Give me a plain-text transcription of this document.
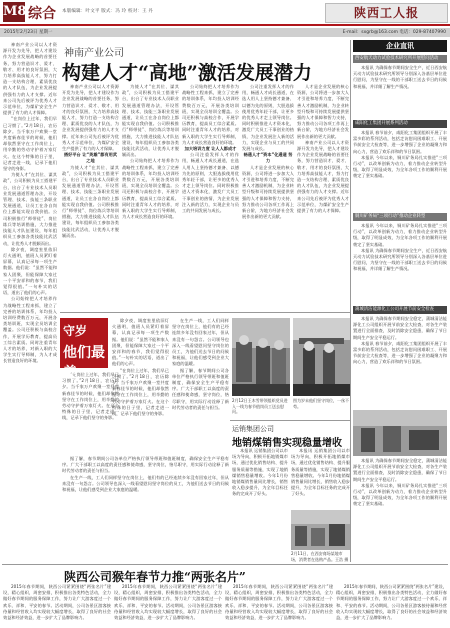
M8 综合 本版编辑：叶文平 版式：冯 玲 校对：王 丹	陕西工人报
2015年2月23日 星期一	E-mail：sxgrb@163.com 电话：029-87407990
神南产业公司
构建人才“高地”激活发展潜力

神南产业公司以人才资源开发为先导，把人才建设作为企业发展战略的首要任务，努力营造识才、爱才、敬才、用才的良好氛围，大力培养高技能人才，努力打造一支结构合理、素质优良的人才队伍，为企业发展提供强有力的人才支撑。近年来公司先后被评为优秀人才示范单位，为煤矿安全生产提供了有力的人才保障。

搭好平台 让“英雄”都有用武之地

为使人才“在其位、谋其政”，公司积极为员工搭建平台，出台了专业技术人员职业发展通道管理办法，开设管理、技术、技能三条职业发展通道，让员工在各自岗位上都能实现自我价值。公司积极推行“师带徒”、岗位练兵等培训措施，大力推进技能人才队伍建设，每年组织员工参加各类技能比武活动，让优秀人才脱颖而出。

为使人才“在其位、谋其政”，公司积极为员工搭建平台，出台了专业技术人员职业发展通道管理办法，开设管理、技术、技能三条职业发展通道，让员工在各自岗位上都能实现自我价值。公司积极推行“师带徒”、岗位练兵等培训措施，大力推进技能人才队伍建设，每年组织员工参加各类技能比武活动，让优秀人才脱颖而出。

公司始终把人才培养作为战略性工程来抓，建立了完善的培训体系，年均投入培训经费数百万元，开展各类培训班，实现全员培训全覆盖。公司还积极与高校合作，开展学历教育，提高员工综合素质。同时注重青年人才的培养，对新入职的大学生实行导师制，为人才成长营造良好的环境。

公司始终把人才培养作为战略性工程来抓，建立了完善的培训体系，年均投入培训经费数百万元，开展各类培训班，实现全员培训全覆盖。公司还积极与高校合作，开展学历教育，提高员工综合素质。同时注重青年人才的培养，对新入职的大学生实行导师制，为人才成长营造良好的环境。

加大培训力度 让人人都成才

公司注重发挥人才的作用，畅通人才成长通道，在选人用人上坚持德才兼备、以德为先的原则，大胆选拔使用优秀年轻干部，让更多的优秀人才走上领导岗位。同时积极推进人才资本化，激发广大员工干事创业的热情，为企业发展注入新的活力，实现企业与员工的共同发展与成长。

公司注重发挥人才的作用，畅通人才成长通道，在选人用人上坚持德才兼备、以德为先的原则，大胆选拔使用优秀年轻干部，让更多的优秀人才走上领导岗位。同时积极推进人才资本化，激发广大员工干事创业的热情，为企业发展注入新的活力，实现企业与员工的共同发展与成长。

畅通人才“资本”化通道 努力

人才是企业发展的核心资源，公司将进一步加大人才引进和培养力度，不断完善人才激励机制，为企业转型升级和可持续发展提供坚强的人才保障和智力支持，努力推动公司各项工作再上新台阶，为地方经济社会发展作出新的更大贡献。

人才是企业发展的核心资源，公司将进一步加大人才引进和培养力度，不断完善人才激励机制，为企业转型升级和可持续发展提供坚强的人才保障和智力支持，努力推动公司各项工作再上新台阶，为地方经济社会发展作出新的更大贡献。

神南产业公司以人才资源开发为先导，把人才建设作为企业发展战略的首要任务，努力营造识才、爱才、敬才、用才的良好氛围，大力培养高技能人才，努力打造一支结构合理、素质优良的人才队伍，为企业发展提供强有力的人才支撑。近年来公司先后被评为优秀人才示范单位，为煤矿安全生产提供了有力的人才保障。

“在岗位上过年，我们早已习惯了。”2月18日，农历除夕。当千家万户欢聚一堂共度新春佳节的时候，他们却依然坚守在工作岗位上，用辛勤的劳动守护着万家灯火。在这个特殊的日子里，记者走进一线，记录下他们坚守的身影。

守岁
他们最美

除夕夜，调度室里依旧灯火通明，值班人员紧盯着屏幕，认真记录每一项生产数据。他们说：“虽然不能和家人团聚，但能保障大家过一个平安祥和的春节，我们觉得很值。”一句朴实的话语，道出了他们的心声。

“在岗位上过年，我们早已习惯了。”2月18日，农历除夕。当千家万户欢聚一堂共度新春佳节的时候，他们却依然坚守在工作岗位上，用辛勤的劳动守护着万家灯火。在这个特殊的日子里，记者走进一线，记录下他们坚守的身影。

在生产一线，工人们同样坚守在岗位上，他们有的已经连续多年没有回家过年，但从来没有一句怨言。公司领导也深入一线看望慰问坚守岗位的员工，为他们送去节日的问候和祝福，让他们感受到企业大家庭的温暖。

据了解，春节期间公司各单位严格执行领导带班和值班制度，确保安全生产平稳有序。广大干部职工以高度的责任感和使命感，坚守岗位，恪尽职守，用实际行动诠释了新时代劳动者的责任与担当。

2月12日王木雪带领组织党员进入一线为春节值岗员工送去慰问。
图为岁末他们坚守岗位，一丝不苟。
运销集团公司
地销煤销售实现稳量增收

本报讯 运销集团公司以市场为导向，积极开拓地销煤市场，通过优化销售结构、提升服务质量等措施，实现了地销煤销售稳量增收。今年1月份地销煤销售量同比增长，销售收入稳步提升，为全年目标任务的完成开了好头。

本报讯 运销集团公司以市场为导向，积极开拓地销煤市场，通过优化销售结构、提升服务质量等措施，实现了地销煤销售稳量增收。今年1月份地销煤销售量同比增长，销售收入稳步提升，为全年目标任务的完成开了好头。

2月11日，在西安商场某地市场，消费者在选购产品。王浩 摄

据了解，春节期间公司各单位严格执行领导带班和值班制度，确保安全生产平稳有序。广大干部职工以高度的责任感和使命感，坚守岗位，恪尽职守，用实际行动诠释了新时代劳动者的责任与担当。

在生产一线，工人们同样坚守在岗位上，他们有的已经连续多年没有回家过年，但从来没有一句怨言。公司领导也深入一线看望慰问坚守岗位的员工，为他们送去节日的问候和祝福，让他们感受到企业大家庭的温暖。

企业直讯
西安航天动力试验技术研究所开展慰问活动

本报讯 为确保春节期间安全生产，近日西安航天动力试验技术研究所领导分别深入各基层单位进行慰问，为坚守在一线的干部职工送去节日的问候和祝福，并详细了解生产情况。

咸阳化工集团开展系列活动

本报讯 春节前夕，咸阳化工集团组织开展了丰富多彩的系列活动，包括走访慰问困难职工、开展节前安全大检查等，进一步增强了企业的凝聚力和向心力，营造了欢乐祥和的节日氛围。

本报讯 今年以来，铜川矿务局扎实推进“三项行动”，以改革创新为动力，着力推动企业转型升级，取得了明显成效，为全年各项工作的顺利开展奠定了坚实基础。

铜川矿务局“三项行动”推动企业转型

本报讯 今年以来，铜川矿务局扎实推进“三项行动”，以改革创新为动力，着力推动企业转型升级，取得了明显成效，为全年各项工作的顺利开展奠定了坚实基础。

本报讯 为确保春节期间安全生产，近日西安航天动力试验技术研究所领导分别深入各基层单位进行慰问，为坚守在一线的干部职工送去节日的问候和祝福，并详细了解生产情况。

蒲城清洁能源化工公司开展节前安全检查

本报讯 为确保春节期间安全稳定，蒲城清洁能源化工公司组织开展节前安全大检查，对各生产装置进行全面排查，及时消除安全隐患，确保了节日期间生产安全平稳运行。

本报讯 春节前夕，咸阳化工集团组织开展了丰富多彩的系列活动，包括走访慰问困难职工、开展节前安全大检查等，进一步增强了企业的凝聚力和向心力，营造了欢乐祥和的节日氛围。

本报讯 为确保春节期间安全稳定，蒲城清洁能源化工公司组织开展节前安全大检查，对各生产装置进行全面排查，及时消除安全隐患，确保了节日期间生产安全平稳运行。

本报讯 今年以来，铜川矿务局扎实推进“三项行动”，以改革创新为动力，着力推动企业转型升级，取得了明显成效，为全年各项工作的顺利开展奠定了坚实基础。

神南产业公司以人才资源开发为先导，把人才建设作为企业发展战略的首要任务，努力营造识才、爱才、敬才、用才的良好氛围，大力培养高技能人才，努力打造一支结构合理、素质优良的人才队伍，为企业发展提供强有力的人才支撑。近年来公司先后被评为优秀人才示范单位，为煤矿安全生产提供了有力的人才保障。

“在岗位上过年，我们早已习惯了。”2月18日，农历除夕。当千家万户欢聚一堂共度新春佳节的时候，他们却依然坚守在工作岗位上，用辛勤的劳动守护着万家灯火。在这个特殊的日子里，记者走进一线，记录下他们坚守的身影。

为使人才“在其位、谋其政”，公司积极为员工搭建平台，出台了专业技术人员职业发展通道管理办法，开设管理、技术、技能三条职业发展通道，让员工在各自岗位上都能实现自我价值。公司积极推行“师带徒”、岗位练兵等培训措施，大力推进技能人才队伍建设，每年组织员工参加各类技能比武活动，让优秀人才脱颖而出。

除夕夜，调度室里依旧灯火通明，值班人员紧盯着屏幕，认真记录每一项生产数据。他们说：“虽然不能和家人团聚，但能保障大家过一个平安祥和的春节，我们觉得很值。”一句朴实的话语，道出了他们的心声。

公司始终把人才培养作为战略性工程来抓，建立了完善的培训体系，年均投入培训经费数百万元，开展各类培训班，实现全员培训全覆盖。公司还积极与高校合作，开展学历教育，提高员工综合素质。同时注重青年人才的培养，对新入职的大学生实行导师制，为人才成长营造良好的环境。

陕西公司猴年春节力推“两张名片”

2015年春节期间，陕西公司紧紧围绕“两张名片”建设，精心组织，周密安排，积极推出各类特色活动，全力做好春节期间的服务保障工作，努力让广大游客度过一个欢乐、祥和、平安的春节。活动期间，公司各景区游客接待量和经营收入均实现较大幅度增长，取得了良好的社会效益和经济效益，进一步扩大了品牌影响力。

2015年春节期间，陕西公司紧紧围绕“两张名片”建设，精心组织，周密安排，积极推出各类特色活动，全力做好春节期间的服务保障工作，努力让广大游客度过一个欢乐、祥和、平安的春节。活动期间，公司各景区游客接待量和经营收入均实现较大幅度增长，取得了良好的社会效益和经济效益，进一步扩大了品牌影响力。

2015年春节期间，陕西公司紧紧围绕“两张名片”建设，精心组织，周密安排，积极推出各类特色活动，全力做好春节期间的服务保障工作，努力让广大游客度过一个欢乐、祥和、平安的春节。活动期间，公司各景区游客接待量和经营收入均实现较大幅度增长，取得了良好的社会效益和经济效益，进一步扩大了品牌影响力。

2015年春节期间，陕西公司紧紧围绕“两张名片”建设，精心组织，周密安排，积极推出各类特色活动，全力做好春节期间的服务保障工作，努力让广大游客度过一个欢乐、祥和、平安的春节。活动期间，公司各景区游客接待量和经营收入均实现较大幅度增长，取得了良好的社会效益和经济效益，进一步扩大了品牌影响力。
